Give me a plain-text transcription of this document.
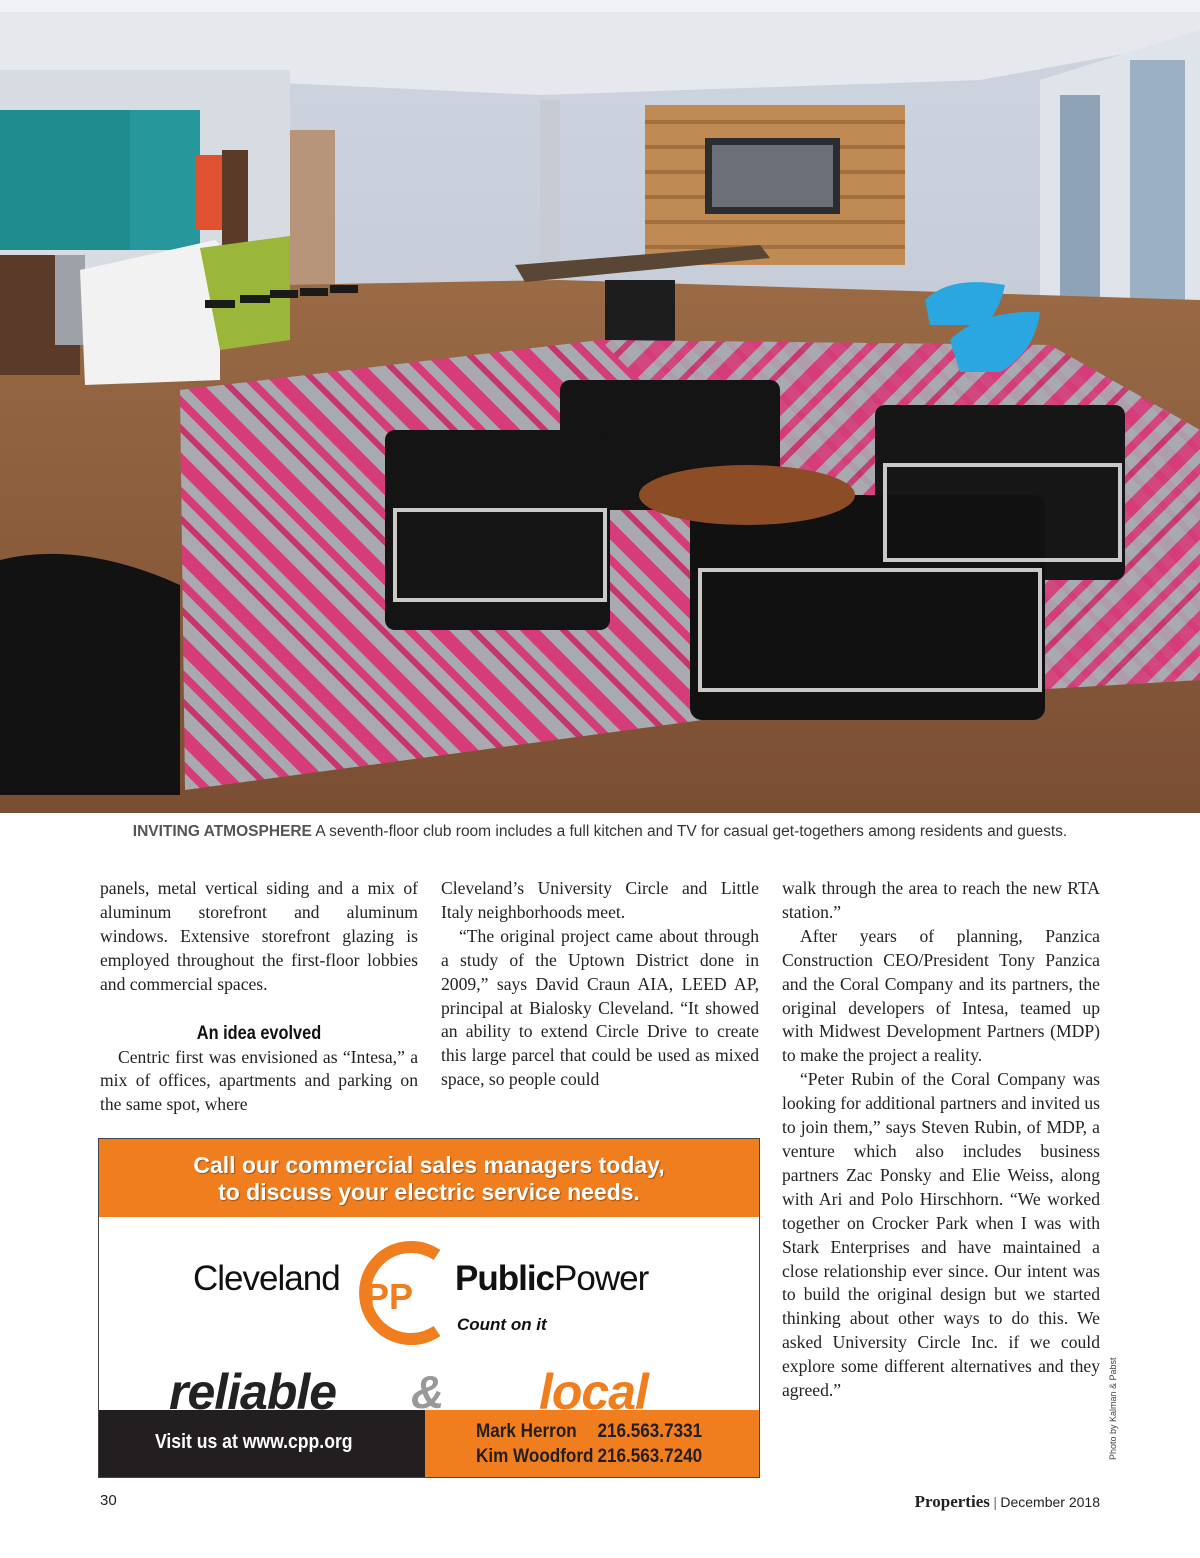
INVITING ATMOSPHERE A seventh-floor club room includes a full kitchen and TV for casual get-togethers among residents and guests.

panels, metal vertical siding and a mix of aluminum storefront and aluminum windows. Extensive storefront glazing is employed throughout the first-floor lobbies and commercial spaces.

An idea evolved

Centric first was envisioned as “Intesa,” a mix of offices, apartments and parking on the same spot, where

Cleveland’s University Circle and Little Italy neighborhoods meet.

“The original project came about through a study of the Uptown District done in 2009,” says David Craun AIA, LEED AP, principal at Bialosky Cleveland. “It showed an ability to extend Circle Drive to create this large parcel that could be used as mixed space, so people could

walk through the area to reach the new RTA station.”

After years of planning, Panzica Construction CEO/President Tony Panzica and the Coral Company and its partners, the original developers of Intesa, teamed up with Midwest Development Partners (MDP) to make the project a reality.

“Peter Rubin of the Coral Company was looking for additional partners and invited us to join them,” says Steven Rubin, of MDP, a venture which also includes business partners Zac Ponsky and Elie Weiss, along with Ari and Polo Hirschhorn. “We worked together on Crocker Park when I was with Stark Enterprises and have maintained a close relationship ever since. Our intent was to build the original design but we started thinking about other ways to do this. We asked University Circle Inc. if we could explore some different alternatives and they agreed.”

Call our commercial sales managers today,
to discuss your electric service needs.
Cleveland PP PublicPower
Count on it
reliable & local
Visit us at www.cpp.org	Mark Herron 216.563.7331
Kim Woodford 216.563.7240	Photo by Kalman & Pabst
30	Properties | December 2018
